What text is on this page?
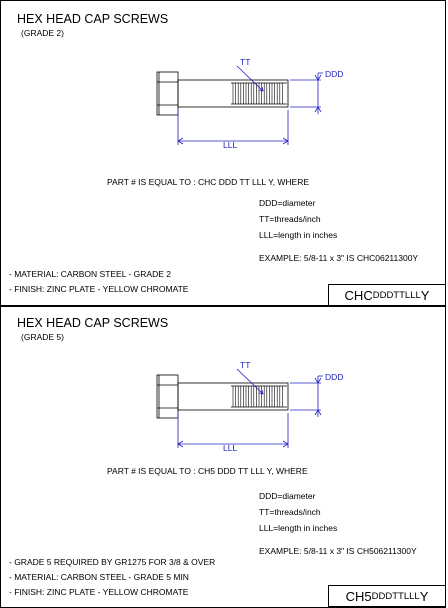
HEX HEAD CAP SCREWS
(GRADE 2)
TT
DDD
LLL
PART # IS EQUAL TO : CHC DDD TT LLL Y, WHERE
DDD=diameter
TT=threads/inch
LLL=length in inches
EXAMPLE: 5/8-11 x 3" IS CHC06211300Y
- MATERIAL: CARBON STEEL - GRADE 2
- FINISH: ZINC PLATE - YELLOW CHROMATE	CHC DDDTTLLL Y
HEX HEAD CAP SCREWS
(GRADE 5)
TT
DDD
LLL
PART # IS EQUAL TO : CH5 DDD TT LLL Y, WHERE
DDD=diameter
TT=threads/inch
LLL=length in inches
EXAMPLE: 5/8-11 x 3" IS CH506211300Y
- GRADE 5 REQUIRED BY GR1275 FOR 3/8 & OVER
- MATERIAL: CARBON STEEL - GRADE 5 MIN
- FINISH: ZINC PLATE - YELLOW CHROMATE	CH5 DDDTTLLL Y
